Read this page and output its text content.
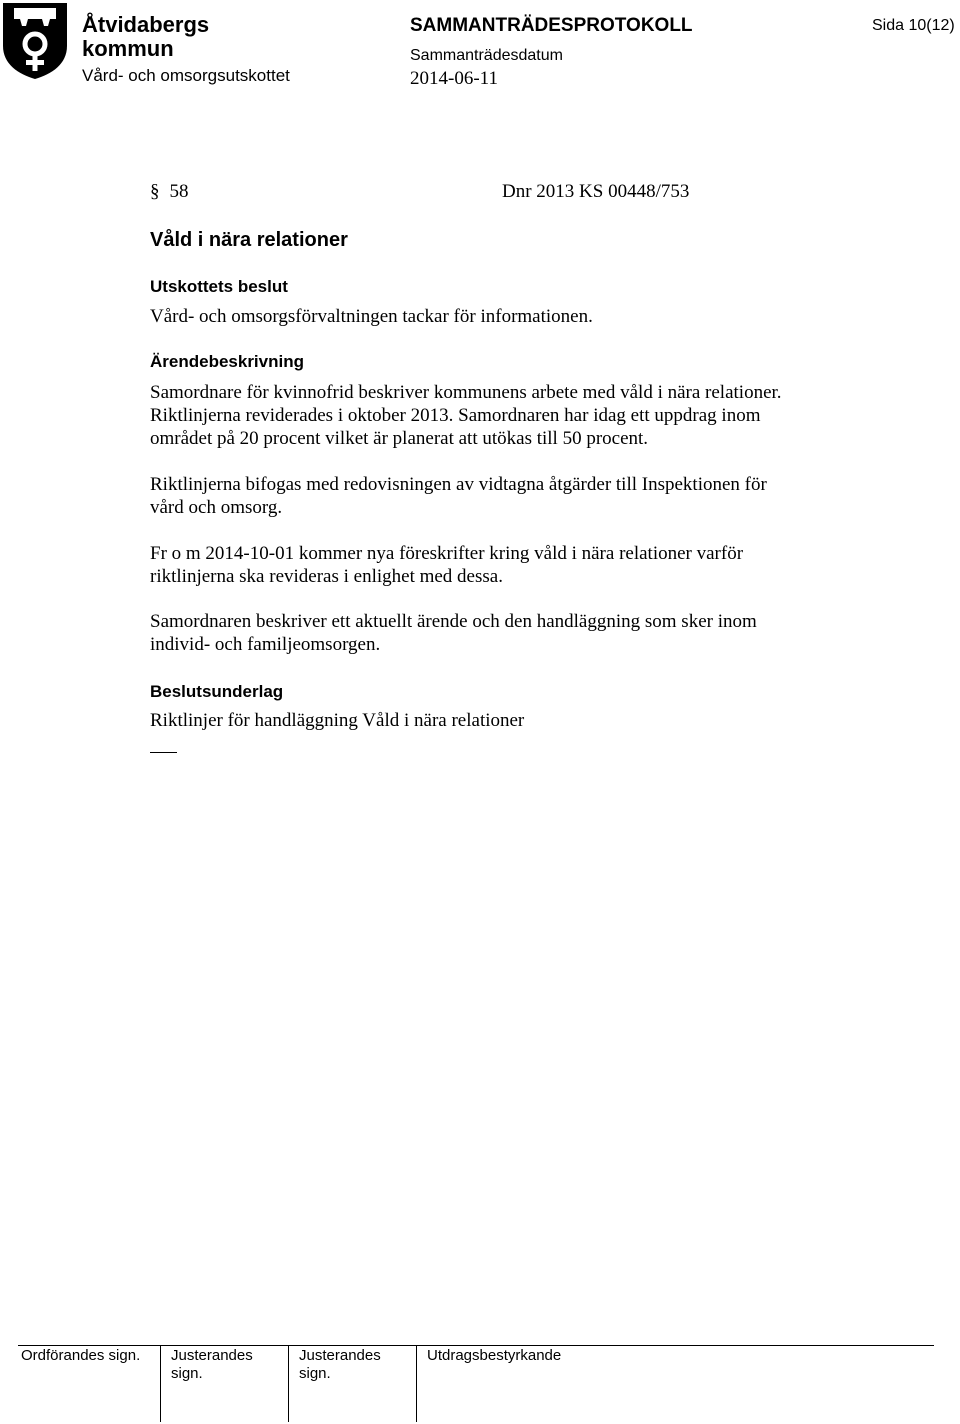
Åtvidabergs
kommun
Vård- och omsorgsutskottet
SAMMANTRÄDESPROTOKOLL
Sammanträdesdatum
2014-06-11
Sida 10(12)
§ 58	Dnr 2013 KS 00448/753
Våld i nära relationer
Utskottets beslut
Vård- och omsorgsförvaltningen tackar för informationen.
Ärendebeskrivning
Samordnare för kvinnofrid beskriver kommunens arbete med våld i nära relationer.
Riktlinjerna reviderades i oktober 2013. Samordnaren har idag ett uppdrag inom
området på 20 procent vilket är planerat att utökas till 50 procent.
Riktlinjerna bifogas med redovisningen av vidtagna åtgärder till Inspektionen för
vård och omsorg.
Fr o m 2014-10-01 kommer nya föreskrifter kring våld i nära relationer varför
riktlinjerna ska revideras i enlighet med dessa.
Samordnaren beskriver ett aktuellt ärende och den handläggning som sker inom
individ- och familjeomsorgen.
Beslutsunderlag
Riktlinjer för handläggning Våld i nära relationer
Ordförandes sign. Justerandes
sign.
Justerandes
sign.
Utdragsbestyrkande
